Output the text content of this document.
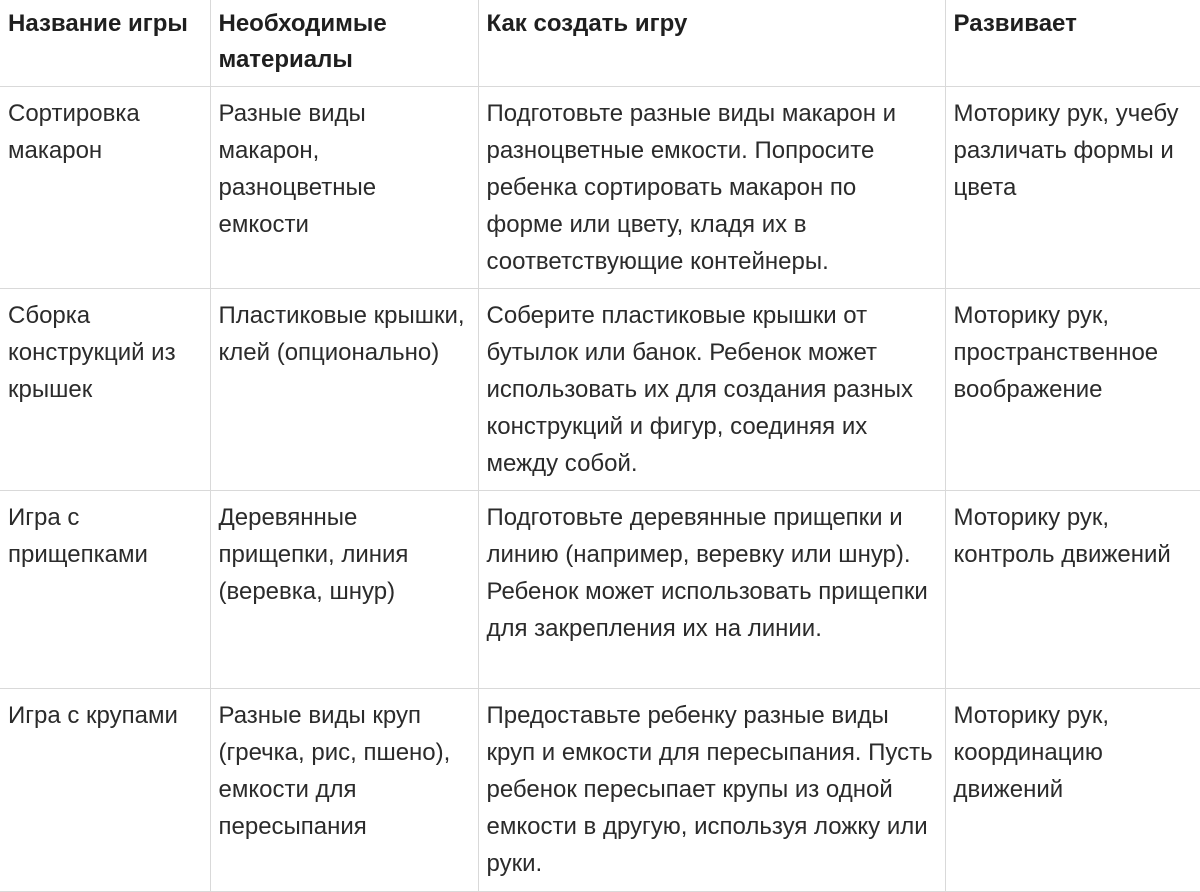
Название игры	Необходимые материалы	Как создать игру	Развивает
Сортировка макарон	Разные виды макарон, разноцветные емкости	Подготовьте разные виды макарон и разноцветные емкости. Попросите ребенка сортировать макарон по форме или цвету, кладя их в соответствующие контейнеры.	Моторику рук, учебу различать формы и цвета
Сборка конструкций из крышек	Пластиковые крышки, клей (опционально)	Соберите пластиковые крышки от бутылок или банок. Ребенок может использовать их для создания разных конструкций и фигур, соединяя их между собой.	Моторику рук, пространственное воображение
Игра с прищепками	Деревянные прищепки, линия (веревка, шнур)	Подготовьте деревянные прищепки и линию (например, веревку или шнур). Ребенок может использовать прищепки для закрепления их на линии.	Моторику рук, контроль движений
Игра с крупами	Разные виды круп (гречка, рис, пшено), емкости для пересыпания	Предоставьте ребенку разные виды круп и емкости для пересыпания. Пусть ребенок пересыпает крупы из одной емкости в другую, используя ложку или руки.	Моторику рук, координацию движений
